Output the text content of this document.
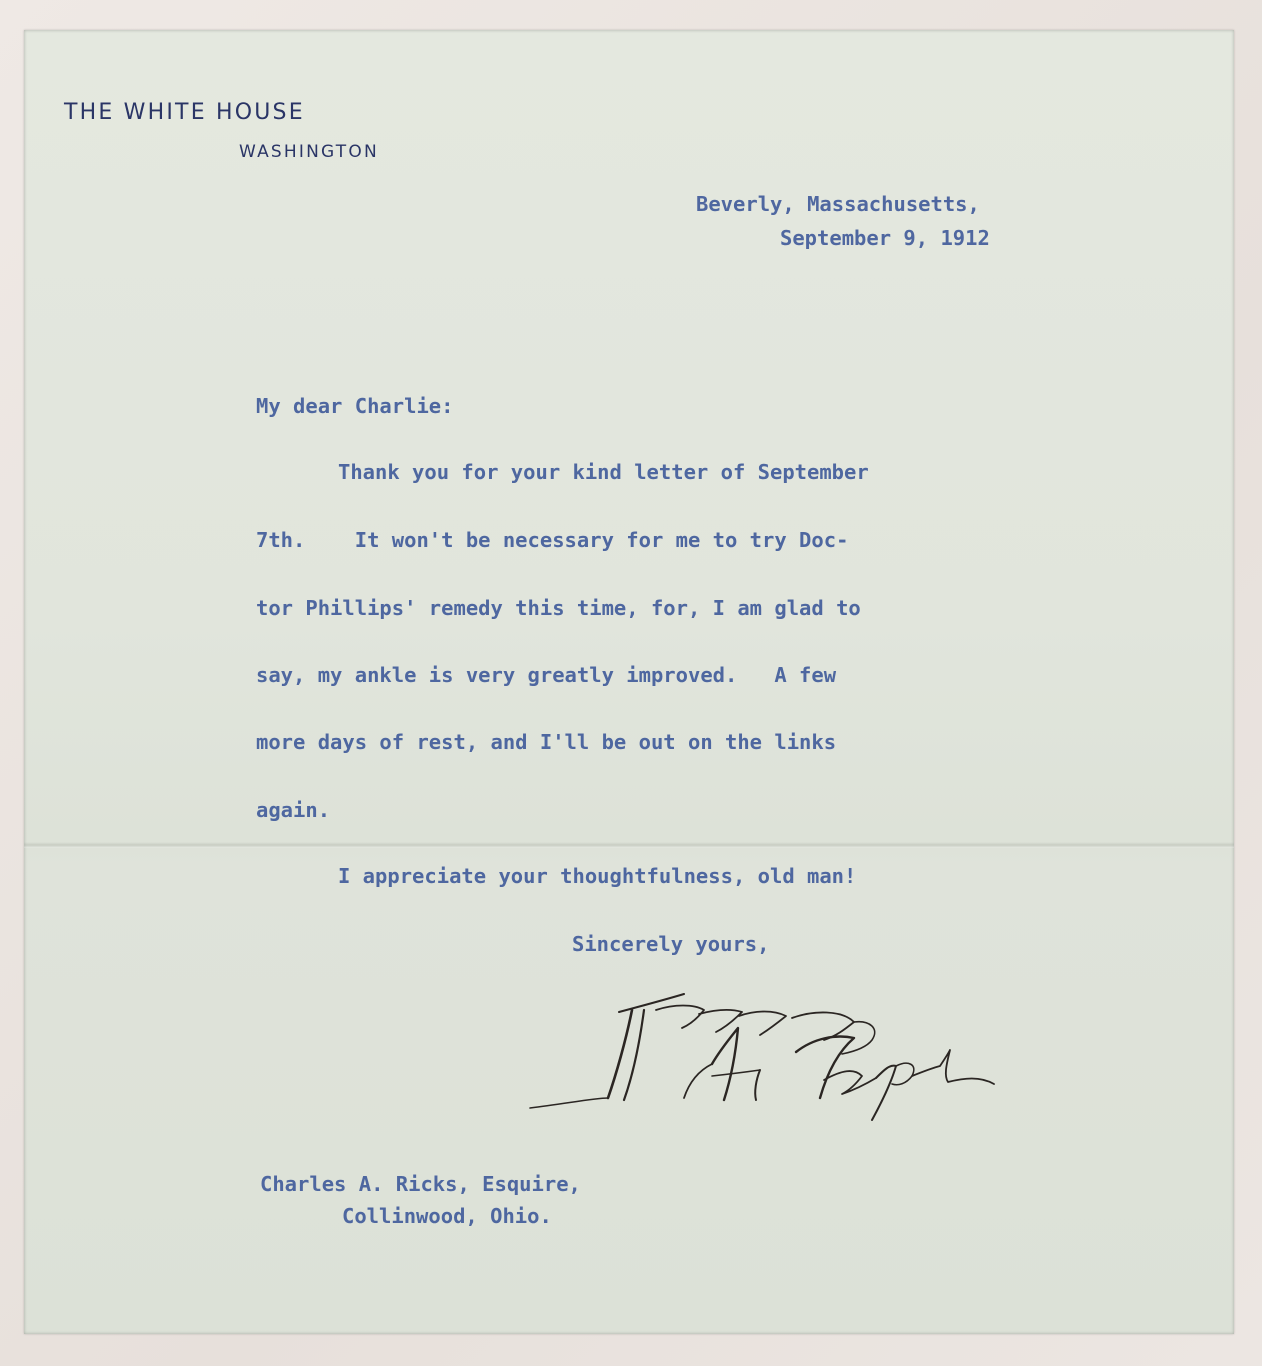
THE WHITE HOUSE
WASHINGTON
Beverly, Massachusetts,
September 9, 1912
My dear Charlie:
Thank you for your kind letter of September
7th.    It won't be necessary for me to try Doc-
tor Phillips' remedy this time, for, I am glad to
say, my ankle is very greatly improved.   A few
more days of rest, and I'll be out on the links
again.
I appreciate your thoughtfulness, old man!
Sincerely yours,
Charles A. Ricks, Esquire,
Collinwood, Ohio.
